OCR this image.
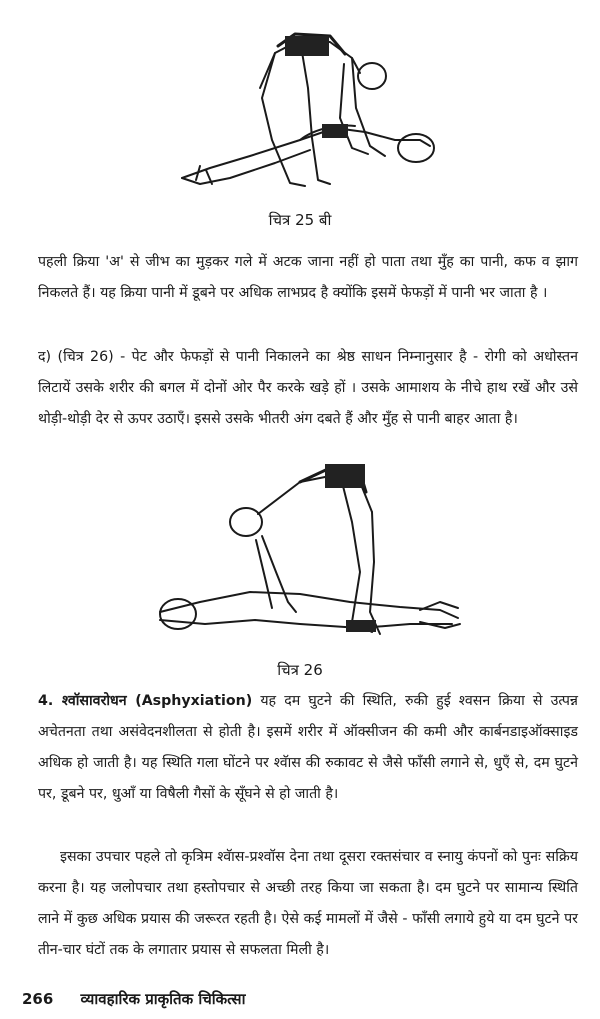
चित्र 25 बी

पहली क्रिया 'अ' से जीभ का मुड़कर गले में अटक जाना नहीं हो पाता तथा मुँह का पानी, कफ व झाग निकलते हैं। यह क्रिया पानी में डूबने पर अधिक लाभप्रद है क्योंकि इसमें फेफड़ों में पानी भर जाता है ।

द) (चित्र 26) - पेट और फेफड़ों से पानी निकालने का श्रेष्ठ साधन निम्नानुसार है - रोगी को अधोस्तन लिटायें उसके शरीर की बगल में दोनों ओर पैर करके खड़े हों । उसके आमाशय के नीचे हाथ रखें और उसे थोड़ी-थोड़ी देर से ऊपर उठाएँ। इससे उसके भीतरी अंग दबते हैं और मुँह से पानी बाहर आता है।

चित्र 26

4. श्वॉसावरोधन (Asphyxiation) यह दम घुटने की स्थिति, रुकी हुई श्वसन क्रिया से उत्पन्न अचेतनता तथा असंवेदनशीलता से होती है। इसमें शरीर में ऑक्सीजन की कमी और कार्बनडाइऑक्साइड अधिक हो जाती है। यह स्थिति गला घोंटने पर श्वॅास की रुकावट से जैसे फाँसी लगाने से, धुएँ से, दम घुटने पर, डूबने पर, धुआँ या विषैली गैसों के सूँघने से हो जाती है।

इसका उपचार पहले तो कृत्रिम श्वॅास-प्रश्वॉस देना तथा दूसरा रक्तसंचार व स्नायु कंपनों को पुनः सक्रिय करना है। यह जलोपचार तथा हस्तोपचार से अच्छी तरह किया जा सकता है। दम घुटने पर सामान्य स्थिति लाने में कुछ अधिक प्रयास की जरूरत रहती है। ऐसे कई मामलों में जैसे - फाँसी लगाये हुये या दम घुटने पर तीन-चार घंटों तक के लगातार प्रयास से सफलता मिली है।

266 व्यावहारिक प्राकृतिक चिकित्सा
